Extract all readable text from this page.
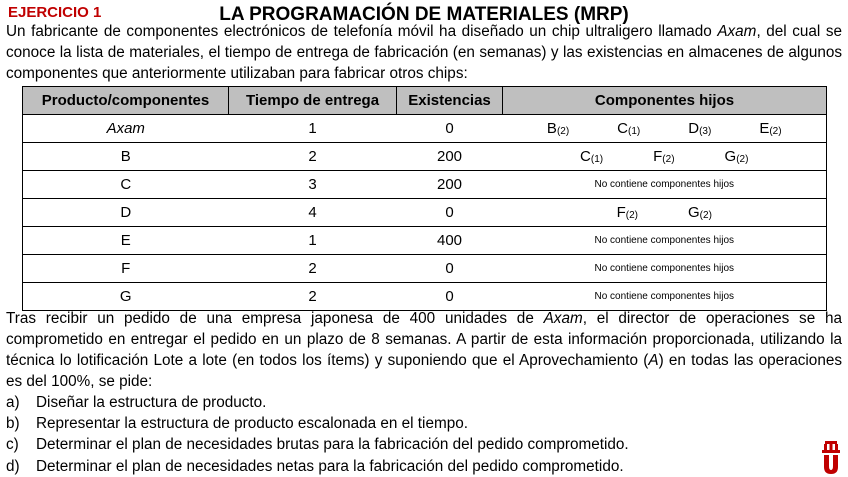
EJERCICIO 1	LA PROGRAMACIÓN DE MATERIALES (MRP)

Un fabricante de componentes electrónicos de telefonía móvil ha diseñado un chip ultraligero llamado Axam, del cual se conoce la lista de materiales, el tiempo de entrega de fabricación (en semanas) y las existencias en almacenes de algunos componentes que anteriormente utilizaban para fabricar otros chips:

Producto/componentes	Tiempo de entrega	Existencias	Componentes hijos
Axam	1	0	$B_{(2)}$ $C_{(1)}$ $D_{(3)}$ $E_{(2)}$

B	2	200	$C_{(1)}$ $F_{(2)}$ $G_{(2)}$

C	3	200	No contiene componentes hijos
D	4	0	$F_{(2)}$ $G_{(2)}$

E	1	400	No contiene componentes hijos
F	2	0	No contiene componentes hijos
G	2	0	No contiene componentes hijos

Tras recibir un pedido de una empresa japonesa de 400 unidades de Axam, el director de operaciones se ha comprometido en entregar el pedido en un plazo de 8 semanas. A partir de esta información proporcionada, utilizando la técnica lo lotificación Lote a lote (en todos los ítems) y suponiendo que el Aprovechamiento (A) en todas las operaciones es del 100%, se pide:

a)	Diseñar la estructura de producto.
b)	Representar la estructura de producto escalonada en el tiempo.
c)	Determinar el plan de necesidades brutas para la fabricación del pedido comprometido.
d)	Determinar el plan de necesidades netas para la fabricación del pedido comprometido.
